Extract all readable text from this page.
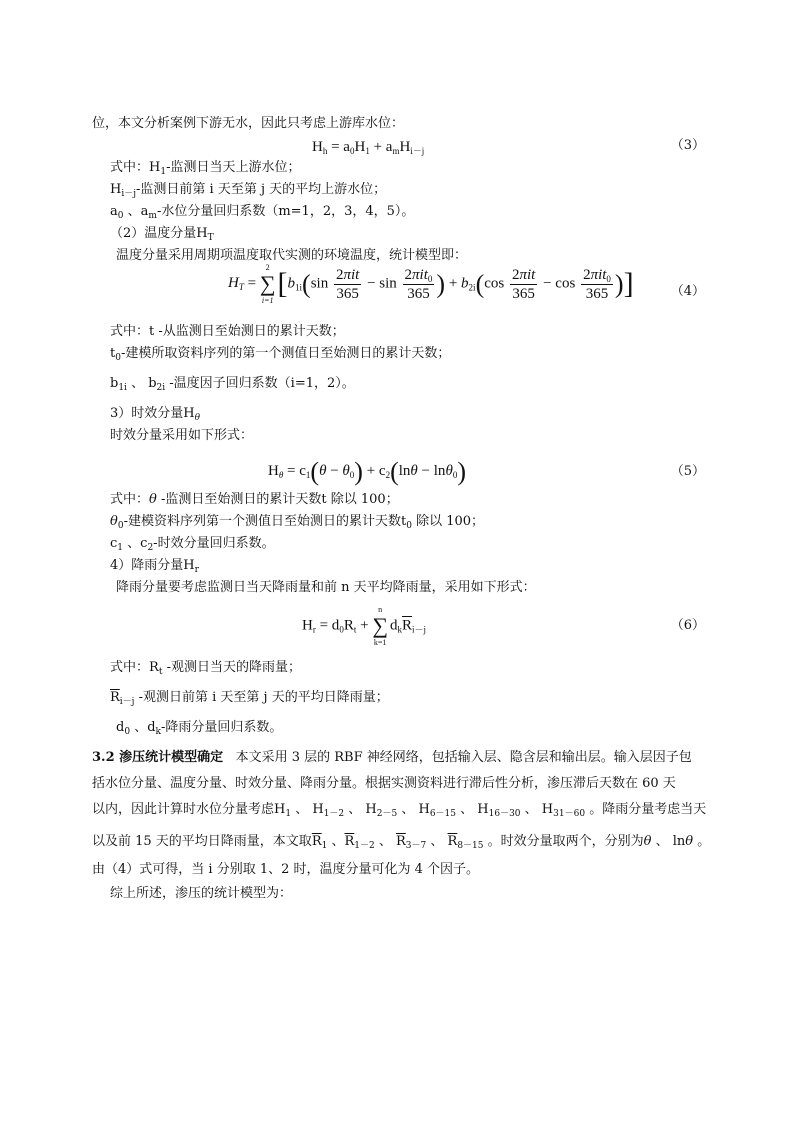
位，本文分析案例下游无水，因此只考虑上游库水位：
$H_h = a_0H_1 + a_mH_{i-j}$	（3）
式中：$H_1-$监测日当天上游水位；
$H_{i-j}-$监测日前第 i 天至第 j 天的平均上游水位；
$a_0$ 、$a_m-$水位分量回归系数（m=1，2，3，4，5）。
（2）温度分量$H_T$
温度分量采用周期项温度取代实测的环境温度，统计模型即：
$H_T$ =
2
∑
i=1
[$b_{1i}(\sin \frac{\text{2πit}}{365} - \sin \frac{2\pi it_0}{365}$ ) + $b_{2i}(\cos \frac{\text{2πit}}{365} - \cos \frac{2\pi it_0}{365}$ )]	（4）
式中：t -从监测日至始测日的累计天数；
$t_0-$建模所取资料序列的第一个测值日至始测日的累计天数；
$b_{1i}$ 、 $b_{2i}$ -温度因子回归系数（i=1，2）。
3）时效分量$H_\theta$
时效分量采用如下形式：
$H_\theta = c_1(\theta - \theta_0) + c_2(\ln\theta - \ln\theta_0)$	（5）
式中：θ -监测日至始测日的累计天数t 除以 100；
$\theta_0-$建模资料序列第一个测值日至始测日的累计天数$t_0$ 除以 100；
$c_1$ 、$c_2-$时效分量回归系数。
4）降雨分量$H_r$
降雨分量要考虑监测日当天降雨量和前 n 天平均降雨量，采用如下形式：
$H_r = d_0R_t$ +
n
∑
k=1
$d_k\overline{R}_{i-j}$	（6）
式中：$R_t$ -观测日当天的降雨量；
$\overline{R}_{i-j}$ -观测日前第 i 天至第 j 天的平均日降雨量；
$d_0$ 、$d_k-$降雨分量回归系数。
3.2 渗压统计模型确定 本文采用 3 层的 RBF 神经网络，包括输入层、隐含层和输出层。输入层因子包
括水位分量、温度分量、时效分量、降雨分量。根据实测资料进行滞后性分析，渗压滞后天数在 60 天
以内，因此计算时水位分量考虑$H_1$ 、 $H_{1-2}$ 、 $H_{2-5}$ 、 $H_{6-15}$ 、 $H_{16-30}$ 、 $H_{31-60}$ 。降雨分量考虑当天
以及前 15 天的平均日降雨量，本文取$\overline{R}_1$ 、$\overline{R}_{1-2}$ 、 $\overline{R}_{3-7}$ 、 $\overline{R}_{8-15}$ 。时效分量取两个，分别为θ 、 lnθ 。
由（4）式可得，当 i 分别取 1、2 时，温度分量可化为 4 个因子。
综上所述，渗压的统计模型为：
